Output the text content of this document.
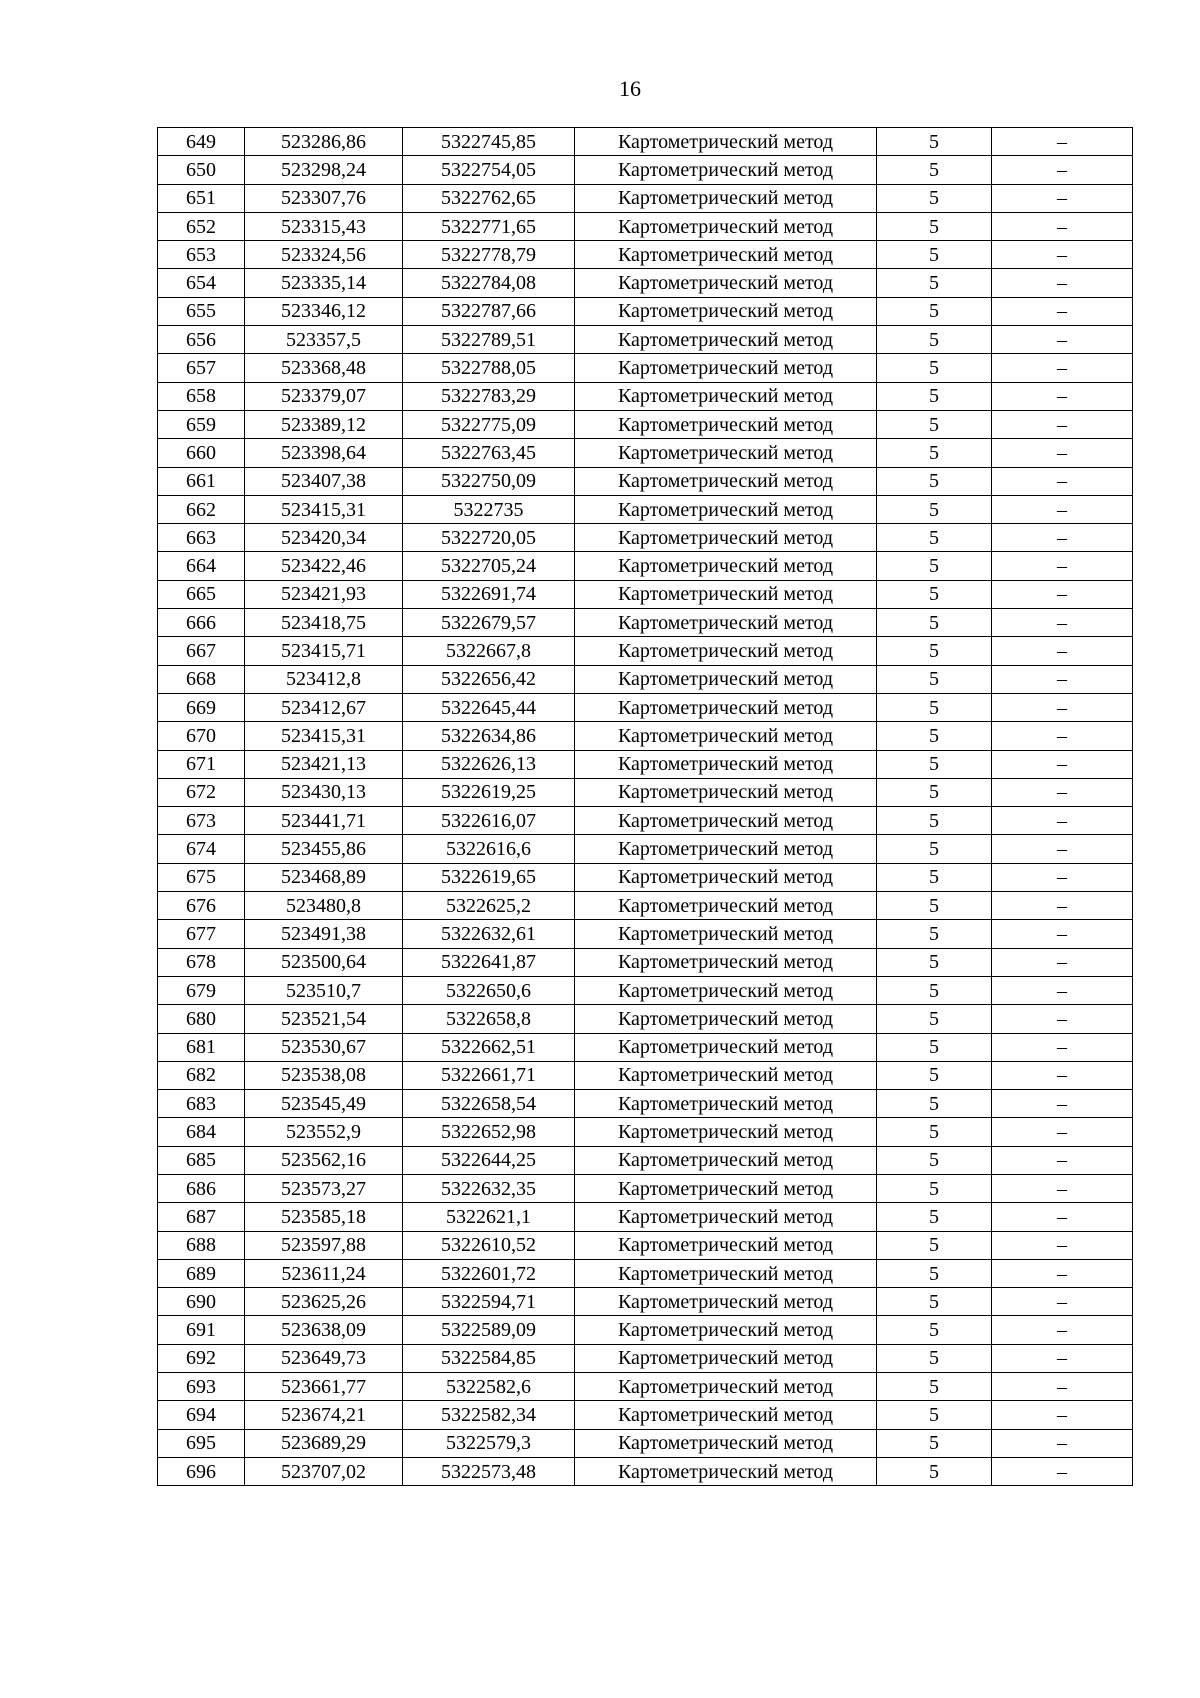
16
649	523286,86	5322745,85	Картометрический метод	5	–
650	523298,24	5322754,05	Картометрический метод	5	–
651	523307,76	5322762,65	Картометрический метод	5	–
652	523315,43	5322771,65	Картометрический метод	5	–
653	523324,56	5322778,79	Картометрический метод	5	–
654	523335,14	5322784,08	Картометрический метод	5	–
655	523346,12	5322787,66	Картометрический метод	5	–
656	523357,5	5322789,51	Картометрический метод	5	–
657	523368,48	5322788,05	Картометрический метод	5	–
658	523379,07	5322783,29	Картометрический метод	5	–
659	523389,12	5322775,09	Картометрический метод	5	–
660	523398,64	5322763,45	Картометрический метод	5	–
661	523407,38	5322750,09	Картометрический метод	5	–
662	523415,31	5322735	Картометрический метод	5	–
663	523420,34	5322720,05	Картометрический метод	5	–
664	523422,46	5322705,24	Картометрический метод	5	–
665	523421,93	5322691,74	Картометрический метод	5	–
666	523418,75	5322679,57	Картометрический метод	5	–
667	523415,71	5322667,8	Картометрический метод	5	–
668	523412,8	5322656,42	Картометрический метод	5	–
669	523412,67	5322645,44	Картометрический метод	5	–
670	523415,31	5322634,86	Картометрический метод	5	–
671	523421,13	5322626,13	Картометрический метод	5	–
672	523430,13	5322619,25	Картометрический метод	5	–
673	523441,71	5322616,07	Картометрический метод	5	–
674	523455,86	5322616,6	Картометрический метод	5	–
675	523468,89	5322619,65	Картометрический метод	5	–
676	523480,8	5322625,2	Картометрический метод	5	–
677	523491,38	5322632,61	Картометрический метод	5	–
678	523500,64	5322641,87	Картометрический метод	5	–
679	523510,7	5322650,6	Картометрический метод	5	–
680	523521,54	5322658,8	Картометрический метод	5	–
681	523530,67	5322662,51	Картометрический метод	5	–
682	523538,08	5322661,71	Картометрический метод	5	–
683	523545,49	5322658,54	Картометрический метод	5	–
684	523552,9	5322652,98	Картометрический метод	5	–
685	523562,16	5322644,25	Картометрический метод	5	–
686	523573,27	5322632,35	Картометрический метод	5	–
687	523585,18	5322621,1	Картометрический метод	5	–
688	523597,88	5322610,52	Картометрический метод	5	–
689	523611,24	5322601,72	Картометрический метод	5	–
690	523625,26	5322594,71	Картометрический метод	5	–
691	523638,09	5322589,09	Картометрический метод	5	–
692	523649,73	5322584,85	Картометрический метод	5	–
693	523661,77	5322582,6	Картометрический метод	5	–
694	523674,21	5322582,34	Картометрический метод	5	–
695	523689,29	5322579,3	Картометрический метод	5	–
696	523707,02	5322573,48	Картометрический метод	5	–
